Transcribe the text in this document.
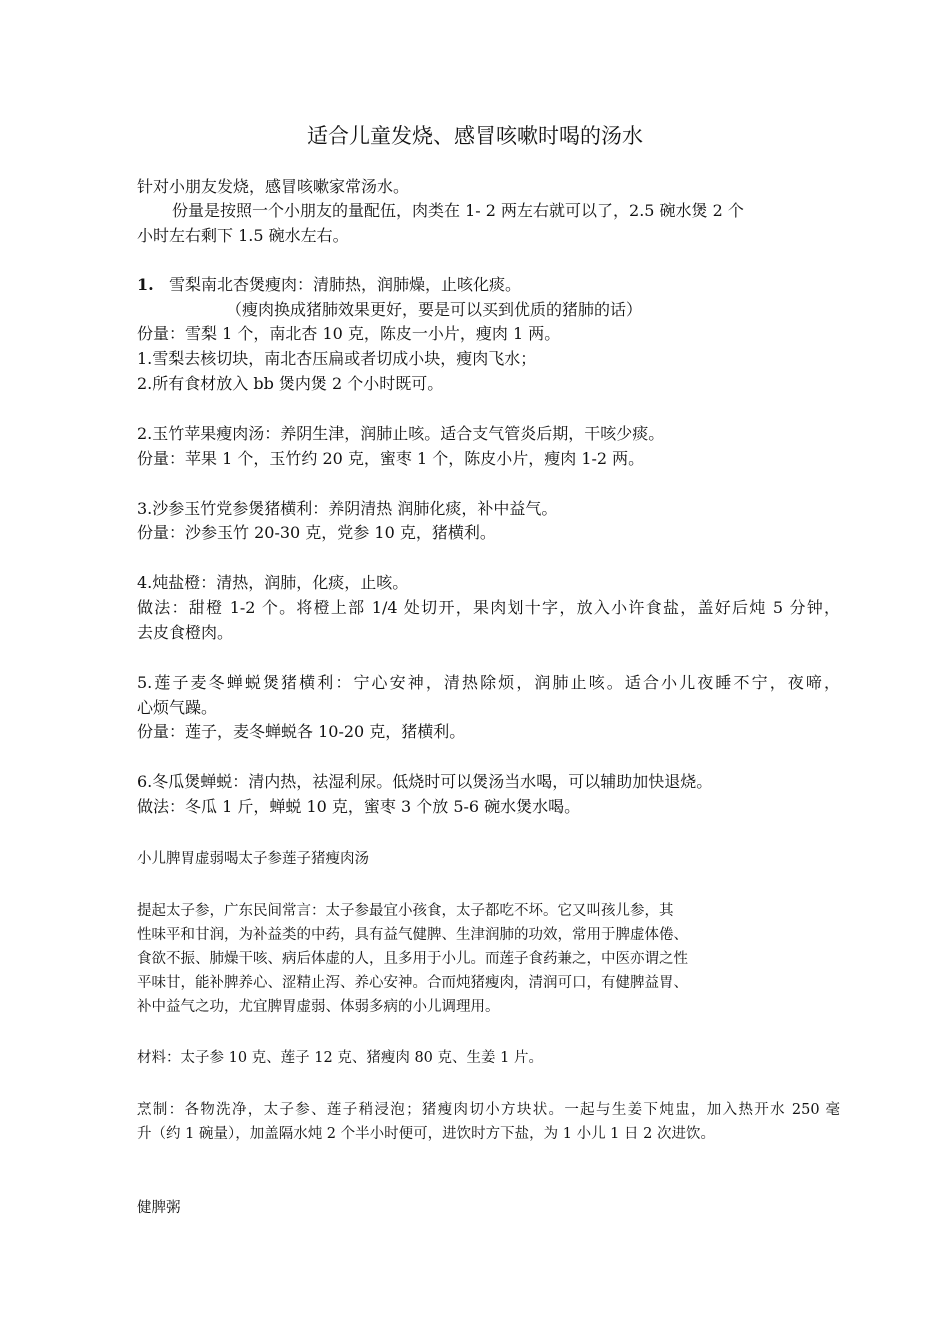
适合儿童发烧、感冒咳嗽时喝的汤水
针对小朋友发烧，感冒咳嗽家常汤水。
份量是按照一个小朋友的量配伍，肉类在 1- 2 两左右就可以了，2.5 碗水煲 2 个
小时左右剩下 1.5 碗水左右。
1. 雪梨南北杏煲瘦肉：清肺热，润肺燥，止咳化痰。
（瘦肉换成猪肺效果更好，要是可以买到优质的猪肺的话）
份量：雪梨 1 个，南北杏 10 克，陈皮一小片，瘦肉 1 两。
1.雪梨去核切块，南北杏压扁或者切成小块，瘦肉飞水；
2.所有食材放入 bb 煲内煲 2 个小时既可。
2.玉竹苹果瘦肉汤：养阴生津，润肺止咳。适合支气管炎后期，干咳少痰。
份量：苹果 1 个，玉竹约 20 克，蜜枣 1 个，陈皮小片，瘦肉 1-2 两。
3.沙参玉竹党参煲猪横利：养阴清热 润肺化痰，补中益气。
份量：沙参玉竹 20-30 克，党参 10 克，猪横利。
4.炖盐橙：清热，润肺，化痰，止咳。
做法：甜橙 1-2 个。将橙上部 1/4 处切开，果肉划十字，放入小许食盐，盖好后炖 5 分钟，
去皮食橙肉。
5.莲子麦冬蝉蜕煲猪横利：宁心安神，清热除烦，润肺止咳。适合小儿夜睡不宁，夜啼，
心烦气躁。
份量：莲子，麦冬蝉蜕各 10-20 克，猪横利。
6.冬瓜煲蝉蜕：清内热，祛湿利尿。低烧时可以煲汤当水喝，可以辅助加快退烧。
做法：冬瓜 1 斤，蝉蜕 10 克，蜜枣 3 个放 5-6 碗水煲水喝。
小儿脾胃虚弱喝太子参莲子猪瘦肉汤
提起太子参，广东民间常言：太子参最宜小孩食，太子都吃不坏。它又叫孩儿参，其
性味平和甘润，为补益类的中药，具有益气健脾、生津润肺的功效，常用于脾虚体倦、
食欲不振、肺燥干咳、病后体虚的人，且多用于小儿。而莲子食药兼之，中医亦谓之性
平味甘，能补脾养心、涩精止泻、养心安神。合而炖猪瘦肉，清润可口，有健脾益胃、
补中益气之功，尤宜脾胃虚弱、体弱多病的小儿调理用。
材料：太子参 10 克、莲子 12 克、猪瘦肉 80 克、生姜 1 片。
烹制：各物洗净，太子参、莲子稍浸泡；猪瘦肉切小方块状。一起与生姜下炖盅，加入热开水 250 毫
升（约 1 碗量），加盖隔水炖 2 个半小时便可，进饮时方下盐，为 1 小儿 1 日 2 次进饮。
健脾粥
